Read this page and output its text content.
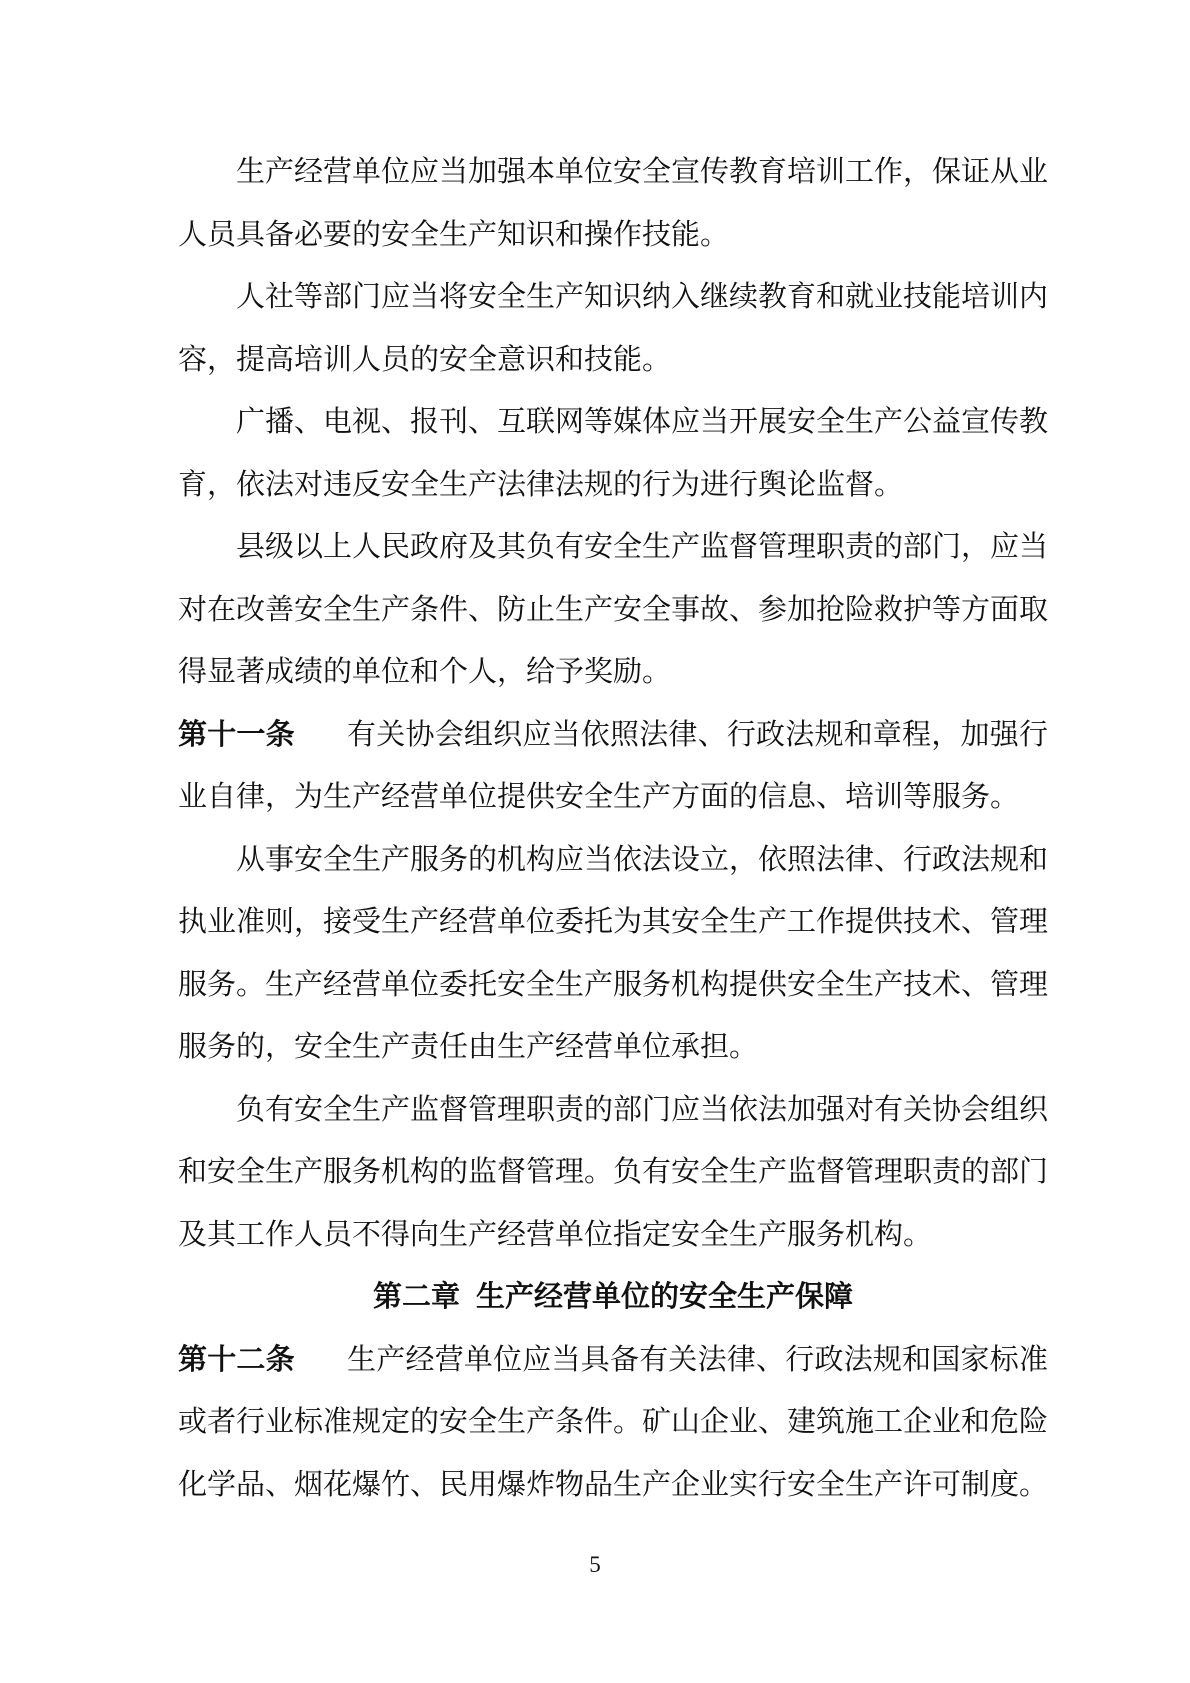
生产经营单位应当加强本单位安全宣传教育培训工作，保证从业人员具备必要的安全生产知识和操作技能。

人社等部门应当将安全生产知识纳入继续教育和就业技能培训内容，提高培训人员的安全意识和技能。

广播、电视、报刊、互联网等媒体应当开展安全生产公益宣传教育，依法对违反安全生产法律法规的行为进行舆论监督。

县级以上人民政府及其负有安全生产监督管理职责的部门，应当对在改善安全生产条件、防止生产安全事故、参加抢险救护等方面取得显著成绩的单位和个人，给予奖励。

第十一条 有关协会组织应当依照法律、行政法规和章程，加强行业自律，为生产经营单位提供安全生产方面的信息、培训等服务。

从事安全生产服务的机构应当依法设立，依照法律、行政法规和执业准则，接受生产经营单位委托为其安全生产工作提供技术、管理服务。生产经营单位委托安全生产服务机构提供安全生产技术、管理服务的，安全生产责任由生产经营单位承担。

负有安全生产监督管理职责的部门应当依法加强对有关协会组织和安全生产服务机构的监督管理。负有安全生产监督管理职责的部门及其工作人员不得向生产经营单位指定安全生产服务机构。

第二章 生产经营单位的安全生产保障

第十二条 生产经营单位应当具备有关法律、行政法规和国家标准或者行业标准规定的安全生产条件。矿山企业、建筑施工企业和危险化学品、烟花爆竹、民用爆炸物品生产企业实行安全生产许可制度。

5
